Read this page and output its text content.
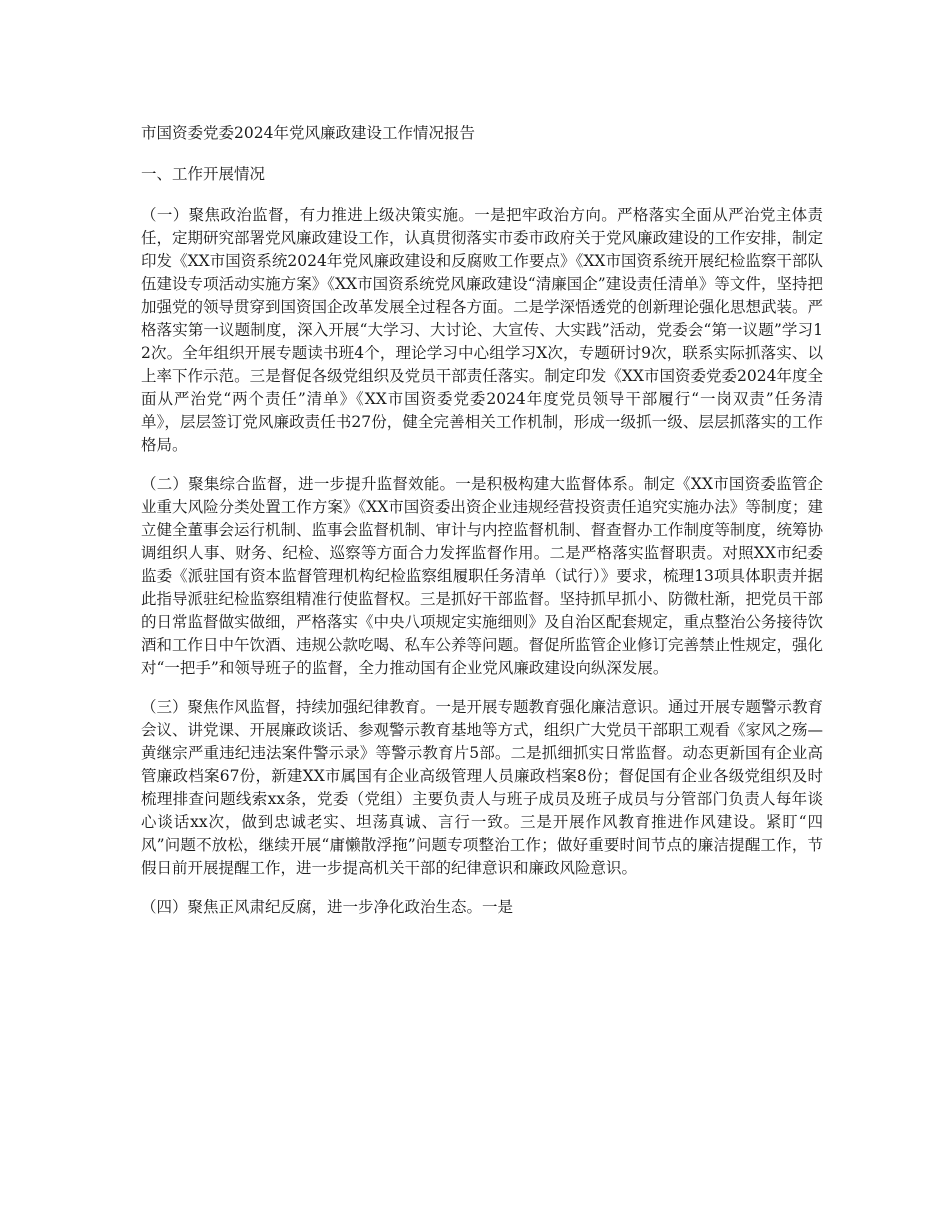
市国资委党委2024年党风廉政建设工作情况报告

一、工作开展情况

（一）聚焦政治监督，有力推进上级决策实施。一是把牢政治方向。严格落实全面从严治党主体责任，定期研究部署党风廉政建设工作，认真贯彻落实市委市政府关于党风廉政建设的工作安排，制定印发《XX市国资系统2024年党风廉政建设和反腐败工作要点》《XX市国资系统开展纪检监察干部队伍建设专项活动实施方案》《XX市国资系统党风廉政建设“清廉国企”建设责任清单》等文件，坚持把加强党的领导贯穿到国资国企改革发展全过程各方面。二是学深悟透党的创新理论强化思想武装。严格落实第一议题制度，深入开展“大学习、大讨论、大宣传、大实践”活动，党委会“第一议题”学习12次。全年组织开展专题读书班4个，理论学习中心组学习X次，专题研讨9次，联系实际抓落实、以上率下作示范。三是督促各级党组织及党员干部责任落实。制定印发《XX市国资委党委2024年度全面从严治党“两个责任”清单》《XX市国资委党委2024年度党员领导干部履行“一岗双责”任务清单》，层层签订党风廉政责任书27份，健全完善相关工作机制，形成一级抓一级、层层抓落实的工作格局。

（二）聚集综合监督，进一步提升监督效能。一是积极构建大监督体系。制定《XX市国资委监管企业重大风险分类处置工作方案》《XX市国资委出资企业违规经营投资责任追究实施办法》等制度；建立健全董事会运行机制、监事会监督机制、审计与内控监督机制、督查督办工作制度等制度，统筹协调组织人事、财务、纪检、巡察等方面合力发挥监督作用。二是严格落实监督职责。对照XX市纪委监委《派驻国有资本监督管理机构纪检监察组履职任务清单（试行）》要求，梳理13项具体职责并据此指导派驻纪检监察组精准行使监督权。三是抓好干部监督。坚持抓早抓小、防微杜渐，把党员干部的日常监督做实做细，严格落实《中央八项规定实施细则》及自治区配套规定，重点整治公务接待饮酒和工作日中午饮酒、违规公款吃喝、私车公养等问题。督促所监管企业修订完善禁止性规定，强化对“一把手”和领导班子的监督，全力推动国有企业党风廉政建设向纵深发展。

（三）聚焦作风监督，持续加强纪律教育。一是开展专题教育强化廉洁意识。通过开展专题警示教育会议、讲党课、开展廉政谈话、参观警示教育基地等方式，组织广大党员干部职工观看《家风之殇—黄继宗严重违纪违法案件警示录》等警示教育片5部。二是抓细抓实日常监督。动态更新国有企业高管廉政档案67份，新建XX市属国有企业高级管理人员廉政档案8份；督促国有企业各级党组织及时梳理排查问题线索xx条，党委（党组）主要负责人与班子成员及班子成员与分管部门负责人每年谈心谈话xx次，做到忠诚老实、坦荡真诚、言行一致。三是开展作风教育推进作风建设。紧盯“四风”问题不放松，继续开展“庸懒散浮拖”问题专项整治工作；做好重要时间节点的廉洁提醒工作，节假日前开展提醒工作，进一步提高机关干部的纪律意识和廉政风险意识。

（四）聚焦正风肃纪反腐，进一步净化政治生态。一是
